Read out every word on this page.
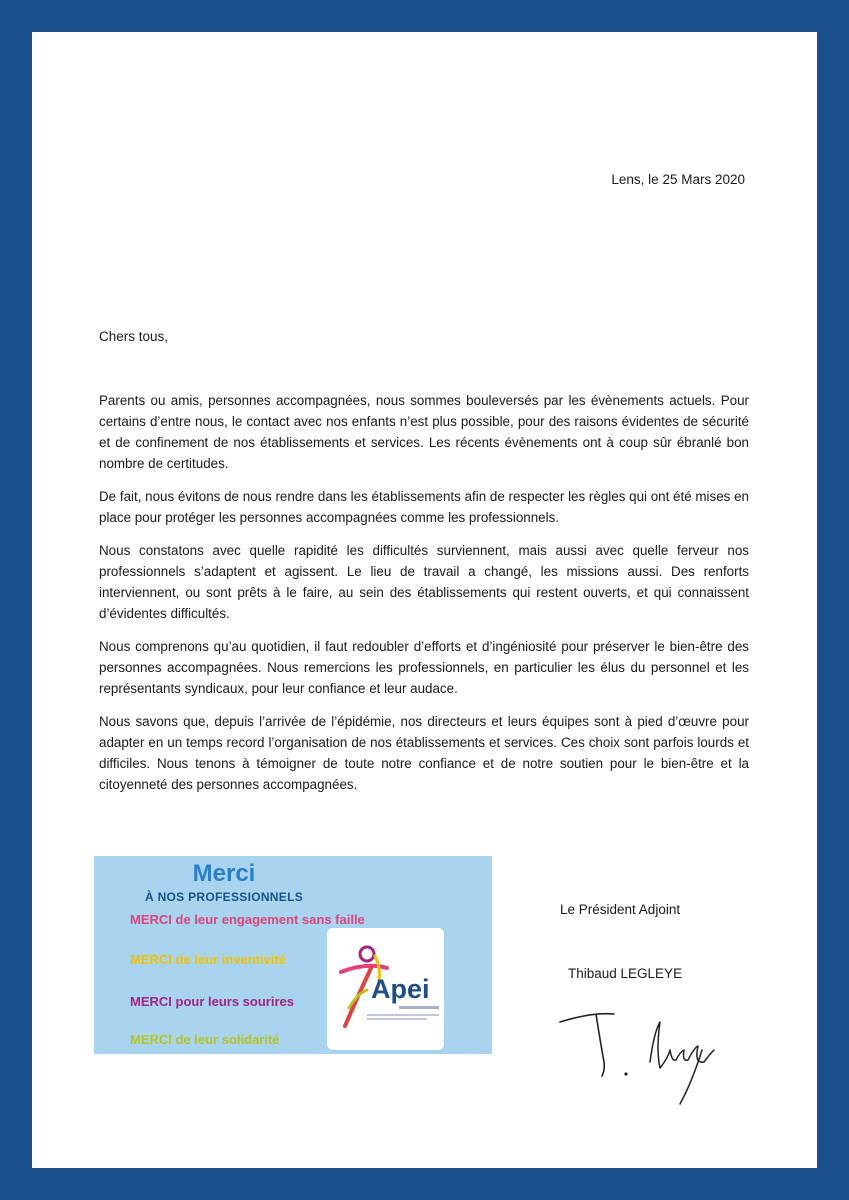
Lens, le 25 Mars 2020
Chers tous,

Parents ou amis, personnes accompagnées, nous sommes bouleversés par les évènements actuels. Pour certains d’entre nous, le contact avec nos enfants n’est plus possible, pour des raisons évidentes de sécurité et de confinement de nos établissements et services. Les récents évènements ont à coup sûr ébranlé bon nombre de certitudes.

De fait, nous évitons de nous rendre dans les établissements afin de respecter les règles qui ont été mises en place pour protéger les personnes accompagnées comme les professionnels.

Nous constatons avec quelle rapidité les difficultés surviennent, mais aussi avec quelle ferveur nos professionnels s’adaptent et agissent. Le lieu de travail a changé, les missions aussi. Des renforts interviennent, ou sont prêts à le faire, au sein des établissements qui restent ouverts, et qui connaissent d’évidentes difficultés.

Nous comprenons qu’au quotidien, il faut redoubler d’efforts et d’ingéniosité pour préserver le bien-être des personnes accompagnées. Nous remercions les professionnels, en particulier les élus du personnel et les représentants syndicaux, pour leur confiance et leur audace.

Nous savons que, depuis l’arrivée de l’épidémie, nos directeurs et leurs équipes sont à pied d’œuvre pour adapter en un temps record l’organisation de nos établissements et services. Ces choix sont parfois lourds et difficiles. Nous tenons à témoigner de toute notre confiance et de notre soutien pour le bien-être et la citoyenneté des personnes accompagnées.

Merci
À NOS PROFESSIONNELS
MERCI de leur engagement sans faille
MERCI de leur inventivité
MERCI pour leurs sourires
MERCI de leur solidarité
Apei
Le Président Adjoint
Thibaud LEGLEYE
